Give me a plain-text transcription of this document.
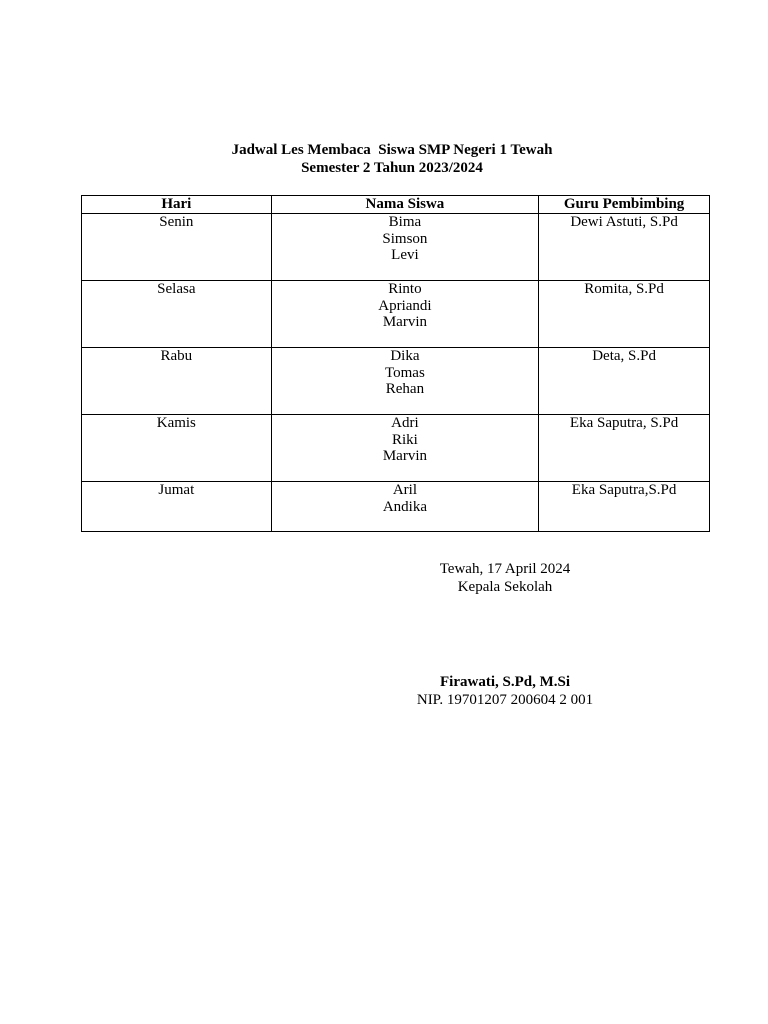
Jadwal Les Membaca  Siswa SMP Negeri 1 Tewah
Semester 2 Tahun 2023/2024
Hari	Nama Siswa	Guru Pembimbing
Senin	Bima
Simson
Levi	Dewi Astuti, S.Pd
Selasa	Rinto
Apriandi
Marvin	Romita, S.Pd
Rabu	Dika
Tomas
Rehan	Deta, S.Pd
Kamis	Adri
Riki
Marvin	Eka Saputra, S.Pd
Jumat	Aril
Andika	Eka Saputra,S.Pd
Tewah, 17 April 2024
Kepala Sekolah
Firawati, S.Pd, M.Si
NIP. 19701207 200604 2 001
